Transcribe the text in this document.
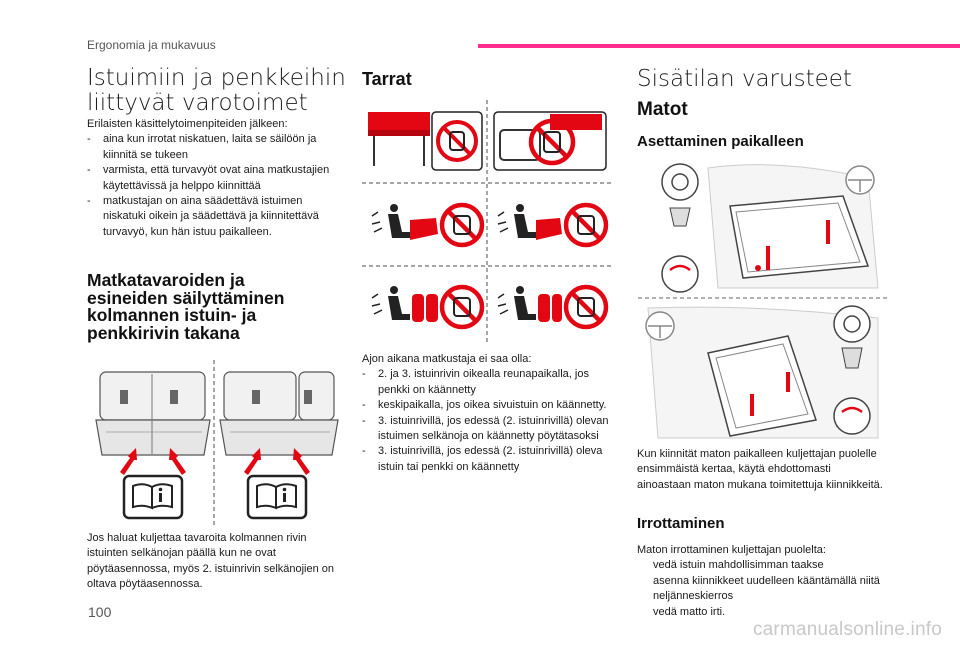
Ergonomia ja mukavuus
Istuimiin ja penkkeihin
liittyvät varotoimet
Erilaisten käsittelytoimenpiteiden jälkeen:
- aina kun irrotat niskatuen, laita se säilöön ja kiinnitä se tukeen
- varmista, että turvavyöt ovat aina matkustajien käytettävissä ja helppo kiinnittää
- matkustajan on aina säädettävä istuimen niskatuki oikein ja säädettävä ja kiinnitettävä turvavyö, kun hän istuu paikalleen.
Matkatavaroiden ja
esineiden säilyttäminen
kolmannen istuin- ja
penkkirivin takana
Jos haluat kuljettaa tavaroita kolmannen rivin istuinten selkänojan päällä kun ne ovat pöytäasennossa, myös 2. istuinrivin selkänojien on oltava pöytäasennossa.
Tarrat
Ajon aikana matkustaja ei saa olla:
- 2. ja 3. istuinrivin oikealla reunapaikalla, jos penkki on käännetty
- keskipaikalla, jos oikea sivuistuin on käännetty.
- 3. istuinrivillä, jos edessä (2. istuinrivillä) olevan istuimen selkänoja on käännetty pöytätasoksi
- 3. istuinrivillä, jos edessä (2. istuinrivillä) oleva istuin tai penkki on käännetty
Sisätilan varusteet
Matot
Asettaminen paikalleen
Kun kiinnität maton paikalleen kuljettajan puolelle ensimmäistä kertaa, käytä ehdottomasti ainoastaan maton mukana toimitettuja kiinnikkeitä.
Irrottaminen
Maton irrottaminen kuljettajan puolelta:
vedä istuin mahdollisimman taakse
asenna kiinnikkeet uudelleen kääntämällä niitä neljänneskierros
vedä matto irti.
100
carmanualsonline.info
